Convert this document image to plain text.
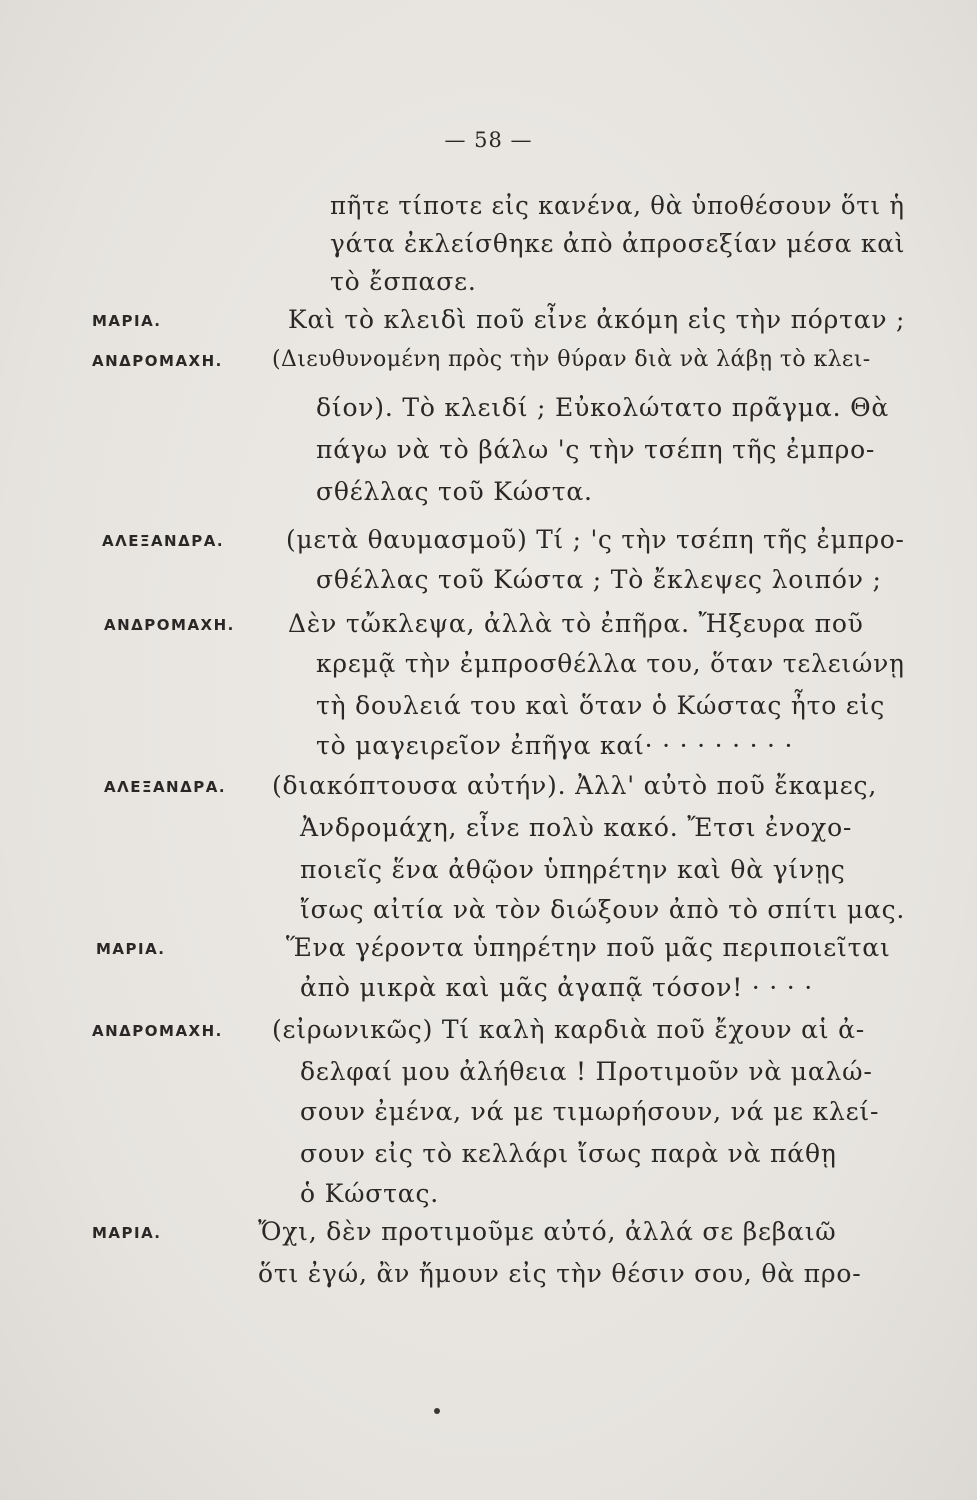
— 58 —
πῆτε τίποτε εἰς κανένα, θὰ ὑποθέσουν ὅτι ἡ
γάτα ἐκλείσθηκε ἀπὸ ἀπροσεξίαν μέσα καὶ
τὸ ἔσπασε.
ΜΑΡΙΑ.	Καὶ τὸ κλειδὶ ποῦ εἶνε ἀκόμη εἰς τὴν πόρταν ;
ΑΝΔΡΟΜΑΧΗ. (Διευθυνομένη πρὸς τὴν θύραν διὰ νὰ λάβῃ τὸ κλει-
δίον). Τὸ κλειδί ; Εὐκολώτατο πρᾶγμα. Θὰ
πάγω νὰ τὸ βάλω 'ς τὴν τσέπη τῆς ἐμπρο-
σθέλλας τοῦ Κώστα.
ΑΛΕΞΑΝΔΡΑ. (μετὰ θαυμασμοῦ) Τί ; 'ς τὴν τσέπη τῆς ἐμπρο-
σθέλλας τοῦ Κώστα ; Τὸ ἔκλεψες λοιπόν ;
ΑΝΔΡΟΜΑΧΗ. Δὲν τὤκλεψα, ἀλλὰ τὸ ἐπῆρα. Ἤξευρα ποῦ
κρεμᾷ τὴν ἐμπροσθέλλα του, ὅταν τελειώνῃ
τὴ δουλειά του καὶ ὅταν ὁ Κώστας ἦτο εἰς
τὸ μαγειρεῖον ἐπῆγα καί· · · · · · · · ·
ΑΛΕΞΑΝΔΡΑ. (διακόπτουσα αὐτήν). Ἀλλ' αὐτὸ ποῦ ἔκαμες,
Ἀνδρομάχη, εἶνε πολὺ κακό. Ἔτσι ἐνοχο-
ποιεῖς ἕνα ἀθῷον ὑπηρέτην καὶ θὰ γίνῃς
ἴσως αἰτία νὰ τὸν διώξουν ἀπὸ τὸ σπίτι μας.
ΜΑΡΙΑ.	Ἕνα γέροντα ὑπηρέτην ποῦ μᾶς περιποιεῖται
ἀπὸ μικρὰ καὶ μᾶς ἀγαπᾷ τόσον! · · · ·
ΑΝΔΡΟΜΑΧΗ. (εἰρωνικῶς) Τί καλὴ καρδιὰ ποῦ ἔχουν αἱ ἀ-
δελφαί μου ἀλήθεια ! Προτιμοῦν νὰ μαλώ-
σουν ἐμένα, νά με τιμωρήσουν, νά με κλεί-
σουν εἰς τὸ κελλάρι ἴσως παρὰ νὰ πάθῃ
ὁ Κώστας.
ΜΑΡΙΑ.	Ὄχι, δὲν προτιμοῦμε αὐτό, ἀλλά σε βεβαιῶ
ὅτι ἐγώ, ἂν ἤμουν εἰς τὴν θέσιν σου, θὰ προ-
